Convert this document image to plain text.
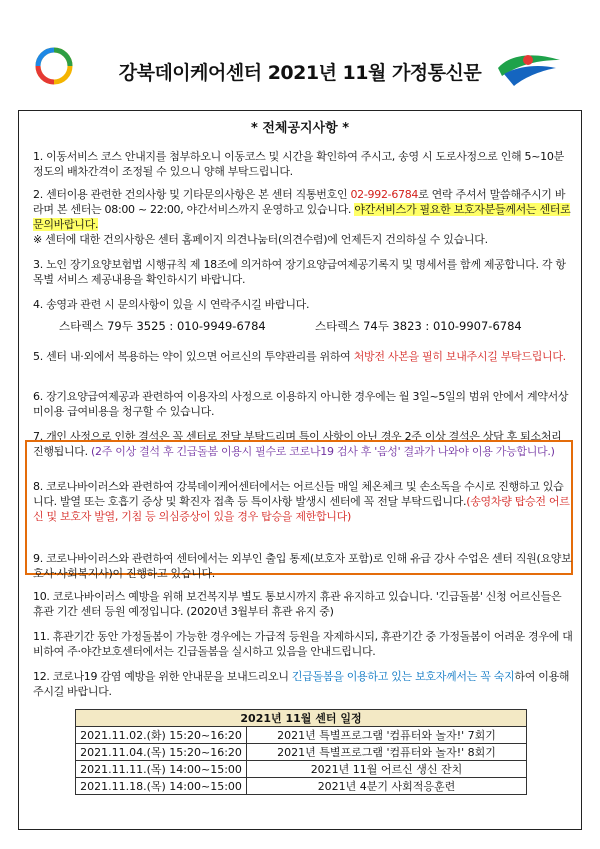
강북데이케어센터 2021년 11월 가정통신문
* 전체공지사항 *
1. 이동서비스 코스 안내지를 첨부하오니 이동코스 및 시간을 확인하여 주시고, 송영 시 도로사정으로 인해 5~10분정도의 배차간격이 조정될 수 있으니 양해 부탁드립니다.
2. 센터이용 관련한 건의사항 및 기타문의사항은 본 센터 직통번호인 02-992-6784로 연락 주셔서 말씀해주시기 바라며 본 센터는 08:00 ~ 22:00, 야간서비스까지 운영하고 있습니다. 야간서비스가 필요한 보호자분들께서는 센터로 문의바랍니다.
※ 센터에 대한 건의사항은 센터 홈페이지 의견나눔터(의견수렴)에 언제든지 건의하실 수 있습니다.
3. 노인 장기요양보험법 시행규칙 제 18조에 의거하여 장기요양급여제공기록지 및 명세서를 함께 제공합니다. 각 항목별 서비스 제공내용을 확인하시기 바랍니다.
4. 송영과 관련 시 문의사항이 있을 시 연락주시길 바랍니다.
스타렉스 79두 3525 : 010-9949-6784	스타렉스 74두 3823 : 010-9907-6784
5. 센터 내·외에서 복용하는 약이 있으면 어르신의 투약관리를 위하여 처방전 사본을 필히 보내주시길 부탁드립니다.
6. 장기요양급여제공과 관련하여 이용자의 사정으로 이용하지 아니한 경우에는 월 3일~5일의 범위 안에서 계약서상 미이용 급여비용을 청구할 수 있습니다.
7. 개인 사정으로 인한 결석은 꼭 센터로 전달 부탁드리며 특이 사항이 아닌 경우 2주 이상 결석은 상담 후 퇴소처리 진행됩니다. (2주 이상 결석 후 긴급돌봄 이용시 필수로 코로나19 검사 후 '음성' 결과가 나와야 이용 가능합니다.)
8. 코로나바이러스와 관련하여 강북데이케어센터에서는 어르신들 매일 체온체크 및 손소독을 수시로 진행하고 있습니다. 발열 또는 호흡기 증상 및 확진자 접촉 등 특이사항 발생시 센터에 꼭 전달 부탁드립니다.(송영차량 탑승전 어르신 및 보호자 발열, 기침 등 의심증상이 있을 경우 탑승을 제한합니다)
9. 코로나바이러스와 관련하여 센터에서는 외부인 출입 통제(보호자 포함)로 인해 유급 강사 수업은 센터 직원(요양보호사·사회복지사)이 진행하고 있습니다.
10. 코로나바이러스 예방을 위해 보건복지부 별도 통보시까지 휴관 유지하고 있습니다. '긴급돌봄' 신청 어르신들은 휴관 기간 센터 등원 예정입니다. (2020년 3월부터 휴관 유지 중)
11. 휴관기간 동안 가정돌봄이 가능한 경우에는 가급적 등원을 자제하시되, 휴관기간 중 가정돌봄이 어려운 경우에 대비하여 주·야간보호센터에서는 긴급돌봄을 실시하고 있음을 안내드립니다.
12. 코로나19 감염 예방을 위한 안내문을 보내드리오니 긴급돌봄을 이용하고 있는 보호자께서는 꼭 숙지하여 이용해주시길 바랍니다.
2021년 11월 센터 일정	
2021.11.02.(화) 15:20~16:20	2021년 특별프로그램 '컴퓨터와 놀자!' 7회기
2021.11.04.(목) 15:20~16:20	2021년 특별프로그램 '컴퓨터와 놀자!' 8회기
2021.11.11.(목) 14:00~15:00	2021년 11월 어르신 생신 잔치
2021.11.18.(목) 14:00~15:00	2021년 4분기 사회적응훈련
